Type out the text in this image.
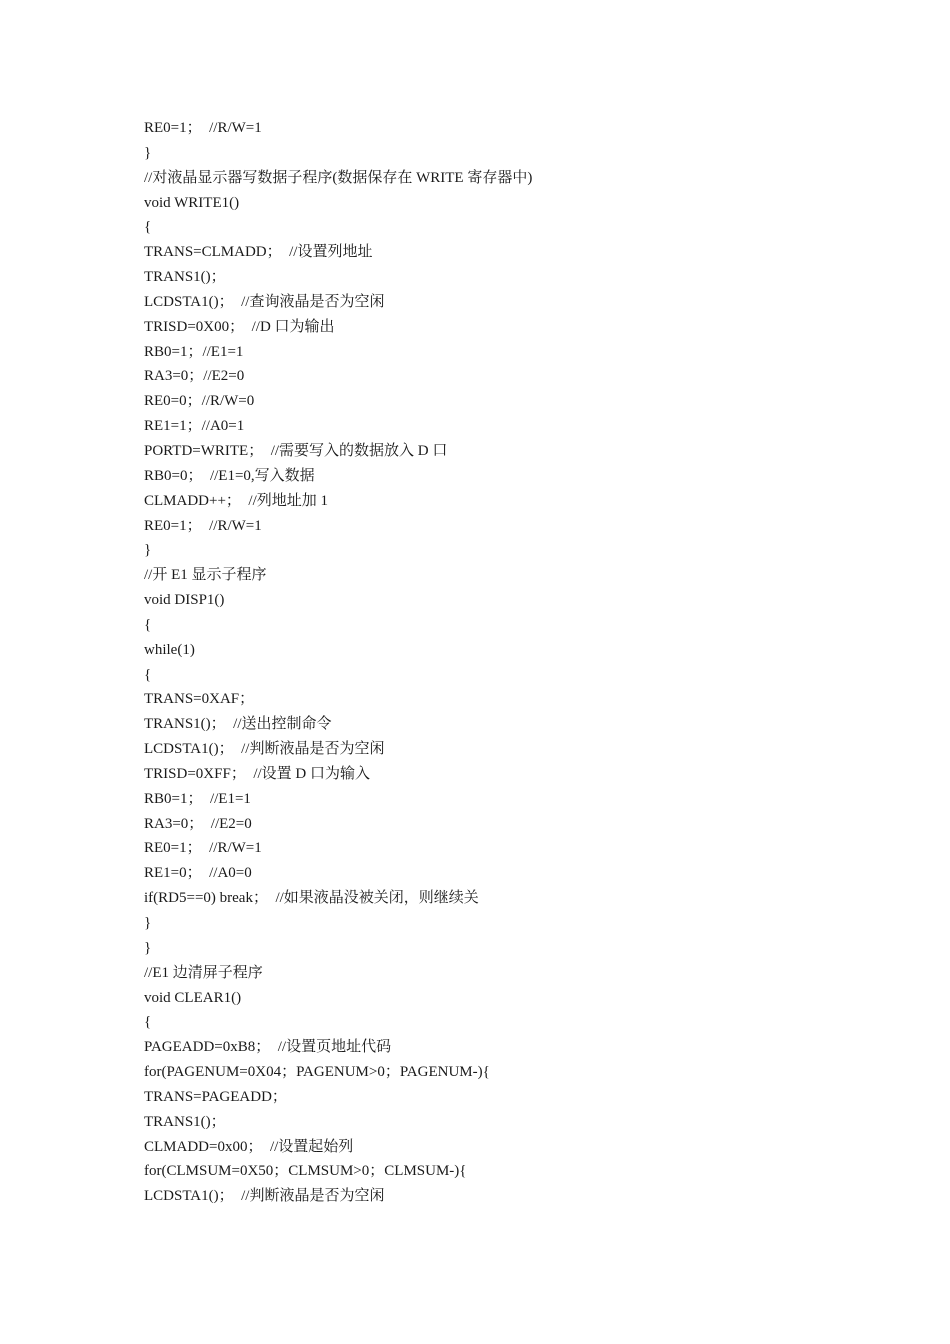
RE0=1；  //R/W=1
}
//对液晶显示器写数据子程序(数据保存在 WRITE 寄存器中)
void WRITE1()
{
TRANS=CLMADD；  //设置列地址
TRANS1()；
LCDSTA1()；  //查询液晶是否为空闲
TRISD=0X00；  //D 口为输出
RB0=1；//E1=1
RA3=0；//E2=0
RE0=0；//R/W=0
RE1=1；//A0=1
PORTD=WRITE；  //需要写入的数据放入 D 口
RB0=0；  //E1=0,写入数据
CLMADD++；  //列地址加 1
RE0=1；  //R/W=1
}
//开 E1 显示子程序
void DISP1()
{
while(1)
{
TRANS=0XAF；
TRANS1()；  //送出控制命令
LCDSTA1()；  //判断液晶是否为空闲
TRISD=0XFF；  //设置 D 口为输入
RB0=1；  //E1=1
RA3=0；  //E2=0
RE0=1；  //R/W=1
RE1=0；  //A0=0
if(RD5==0) break；  //如果液晶没被关闭，则继续关
}
}
//E1 边清屏子程序
void CLEAR1()
{
PAGEADD=0xB8；  //设置页地址代码
for(PAGENUM=0X04；PAGENUM>0；PAGENUM-){
TRANS=PAGEADD；
TRANS1()；
CLMADD=0x00；  //设置起始列
for(CLMSUM=0X50；CLMSUM>0；CLMSUM-){
LCDSTA1()；  //判断液晶是否为空闲
